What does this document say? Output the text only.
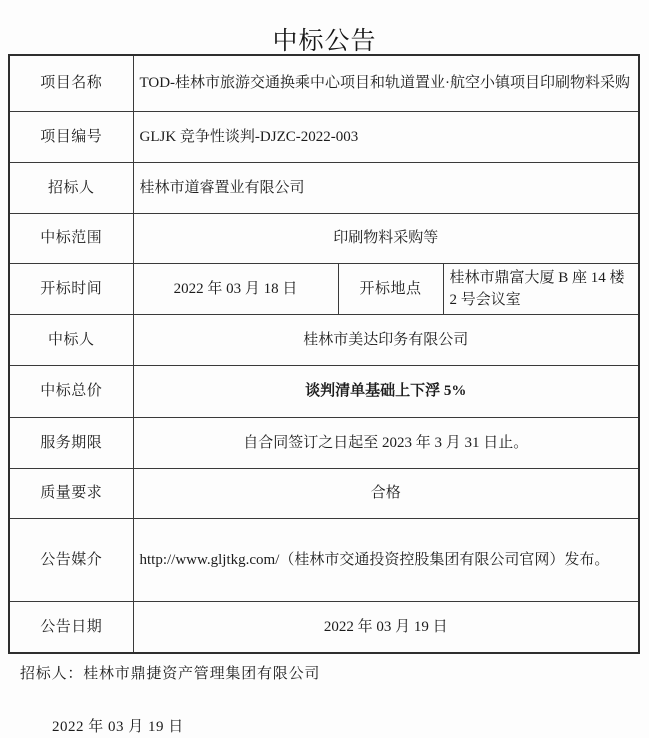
中标公告
项目名称	TOD-桂林市旅游交通换乘中心项目和轨道置业·航空小镇项目印刷物料采购		
项目编号	GLJK 竞争性谈判-DJZC-2022-003		
招标人	桂林市道睿置业有限公司		
中标范围	印刷物料采购等		
开标时间	2022 年 03 月 18 日	开标地点	桂林市鼎富大厦 B 座 14 楼 2 号会议室
中标人	桂林市美达印务有限公司		
中标总价	谈判清单基础上下浮 5%		
服务期限	自合同签订之日起至 2023 年 3 月 31 日止。		
质量要求	合格		
公告媒介	http://www.gljtkg.com/（桂林市交通投资控股集团有限公司官网）发布。		
公告日期	2022 年 03 月 19 日		
招标人：桂林市鼎捷资产管理集团有限公司
2022 年 03 月 19 日
